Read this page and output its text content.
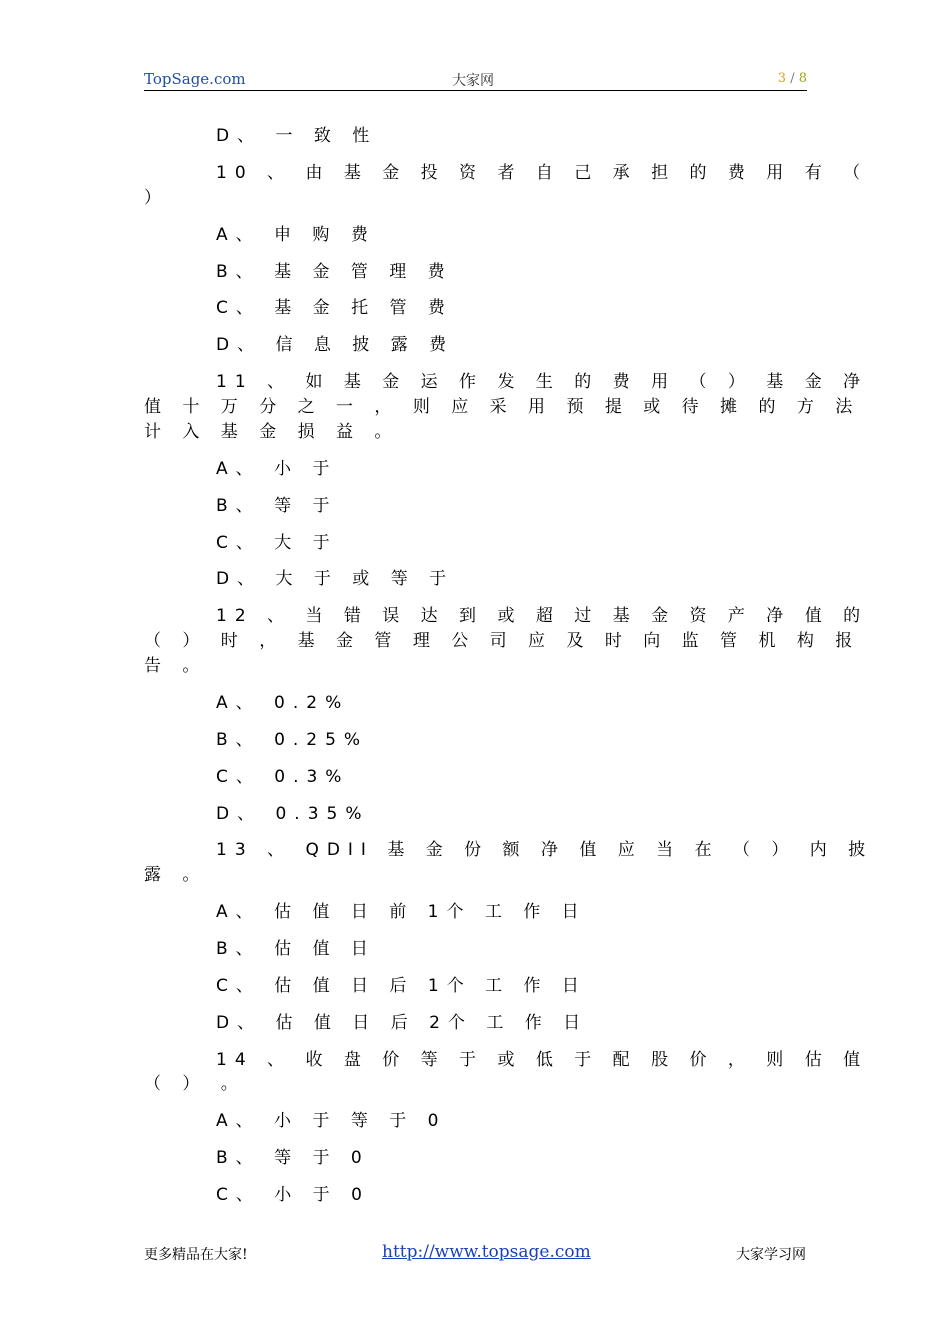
TopSage.com	大家网	3 / 8
D、 一 致 性
10 、 由 基 金 投 资 者 自 己 承 担 的 费 用 有 （
）
A、 申 购 费
B、 基 金 管 理 费
C、 基 金 托 管 费
D、 信 息 披 露 费
11 、 如 基 金 运 作 发 生 的 费 用 （ ） 基 金 净
值 十 万 分 之 一 ， 则 应 采 用 预 提 或 待 摊 的 方 法
计 入 基 金 损 益 。
A、 小 于
B、 等 于
C、 大 于
D、 大 于 或 等 于
12 、 当 错 误 达 到 或 超 过 基 金 资 产 净 值 的
（ ） 时 ， 基 金 管 理 公 司 应 及 时 向 监 管 机 构 报
告 。
A、 0.2%
B、 0.25%
C、 0.3%
D、 0.35%
13 、 QDII 基 金 份 额 净 值 应 当 在 （ ） 内 披
露 。
A、 估 值 日 前 1个 工 作 日
B、 估 值 日
C、 估 值 日 后 1个 工 作 日
D、 估 值 日 后 2个 工 作 日
14 、 收 盘 价 等 于 或 低 于 配 股 价 ， 则 估 值
（ ） 。
A、 小 于 等 于 0
B、 等 于 0
C、 小 于 0
更多精品在大家!	http://www.topsage.com	大家学习网
